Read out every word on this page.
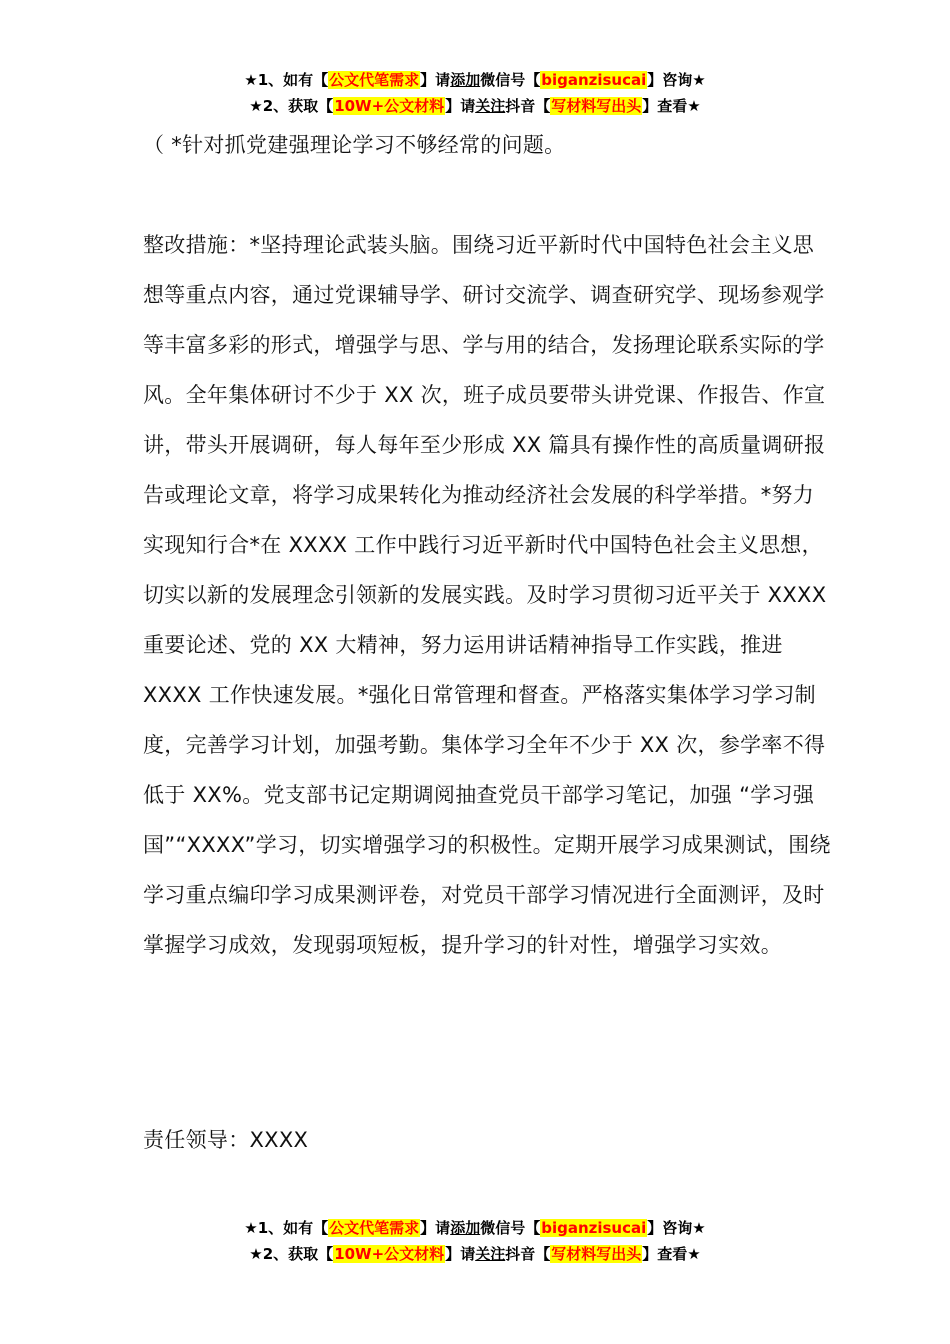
★1、如有【公文代笔需求】请添加微信号【biganzisucai】咨询★
★2、获取【10W+公文材料】请关注抖音【写材料写出头】查看★

（ *针对抓党建强理论学习不够经常的问题。

整改措施：*坚持理论武装头脑。围绕习近平新时代中国特色社会主义思想等重点内容，通过党课辅导学、研讨交流学、调查研究学、现场参观学等丰富多彩的形式，增强学与思、学与用的结合，发扬理论联系实际的学风。全年集体研讨不少于 XX 次，班子成员要带头讲党课、作报告、作宣讲，带头开展调研，每人每年至少形成 XX 篇具有操作性的高质量调研报告或理论文章，将学习成果转化为推动经济社会发展的科学举措。*努力实现知行合*在 XXXX 工作中践行习近平新时代中国特色社会主义思想，切实以新的发展理念引领新的发展实践。及时学习贯彻习近平关于 XXXX 重要论述、党的 XX 大精神，努力运用讲话精神指导工作实践，推进 XXXX 工作快速发展。*强化日常管理和督查。严格落实集体学习学习制度，完善学习计划，加强考勤。集体学习全年不少于 XX 次，参学率不得低于 XX%。党支部书记定期调阅抽查党员干部学习笔记，加强 “学习强国”“XXXX”学习，切实增强学习的积极性。定期开展学习成果测试，围绕学习重点编印学习成果测评卷，对党员干部学习情况进行全面测评，及时掌握学习成效，发现弱项短板，提升学习的针对性，增强学习实效。

责任领导：XXXX

★1、如有【公文代笔需求】请添加微信号【biganzisucai】咨询★
★2、获取【10W+公文材料】请关注抖音【写材料写出头】查看★
